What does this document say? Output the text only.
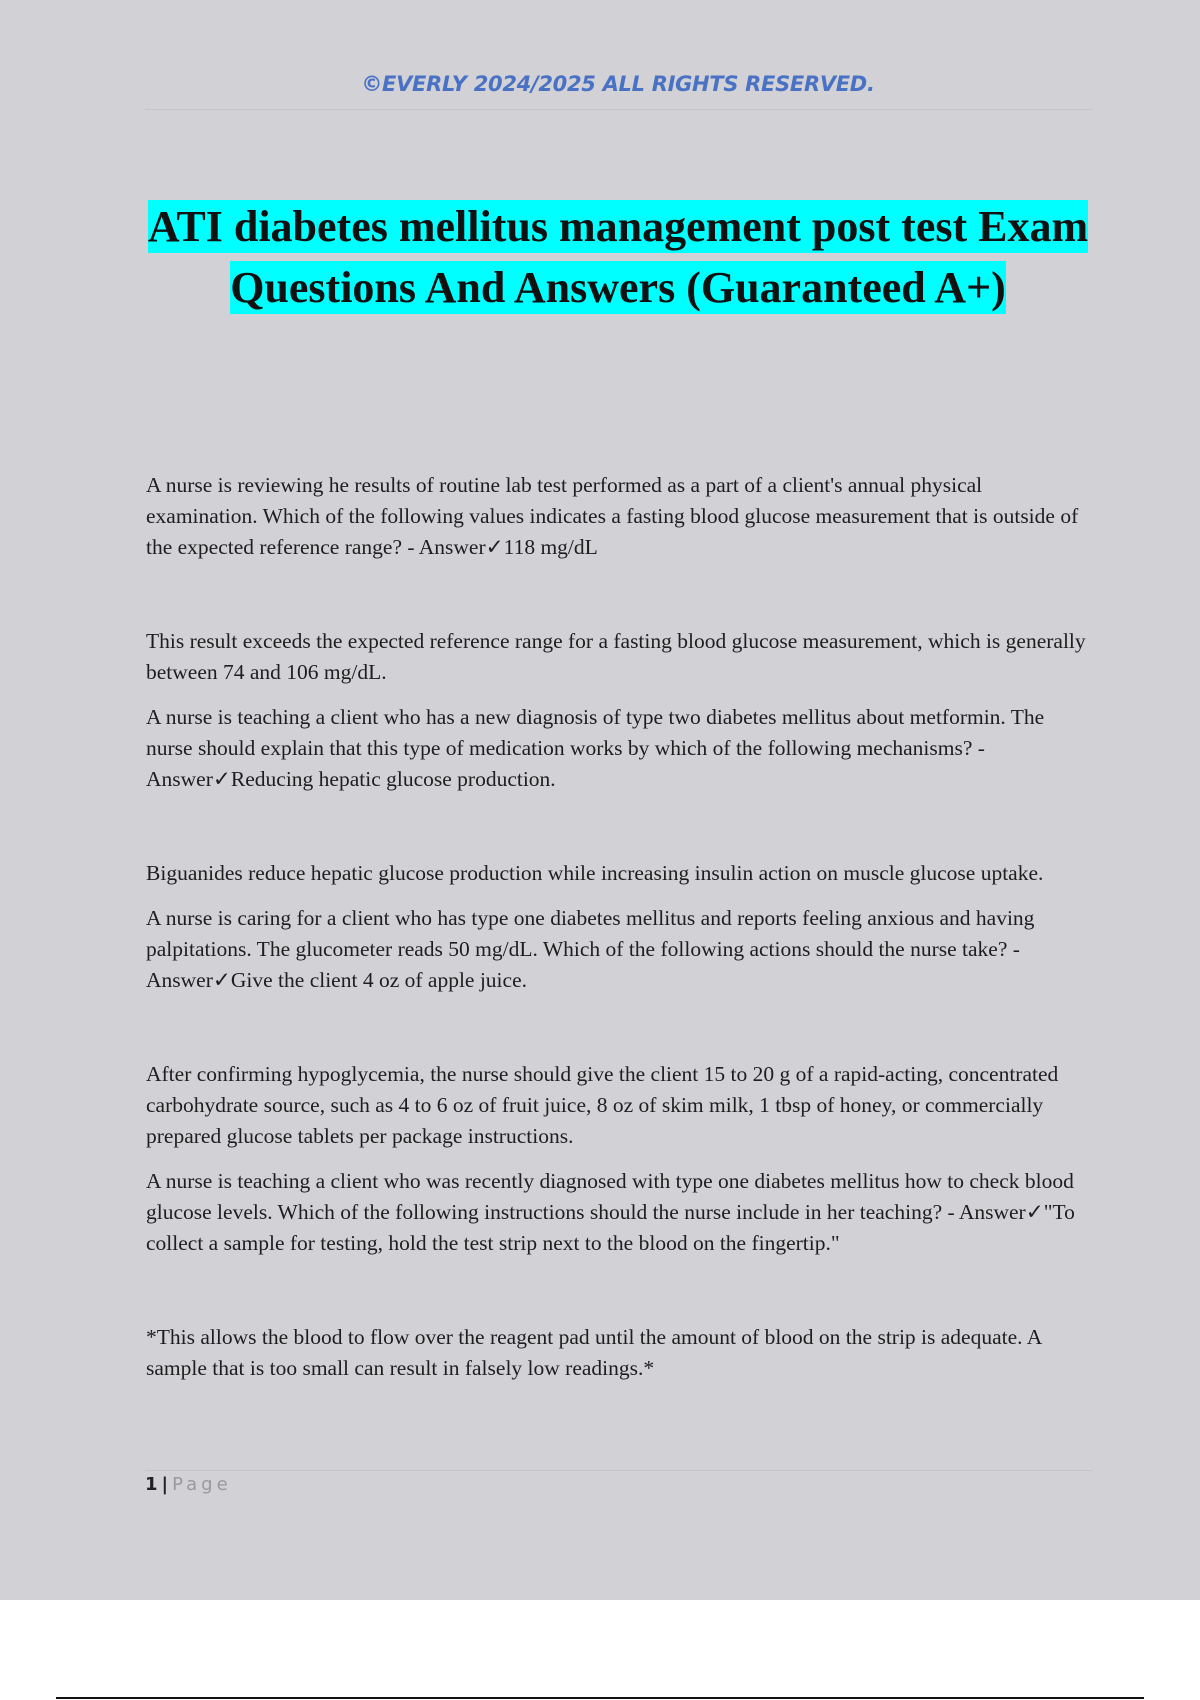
©EVERLY 2024/2025 ALL RIGHTS RESERVED.
ATI diabetes mellitus management post test Exam Questions And Answers (Guaranteed A+)

A nurse is reviewing he results of routine lab test performed as a part of a client's annual physical examination. Which of the following values indicates a fasting blood glucose measurement that is outside of the expected reference range? - Answer✓118 mg/dL

This result exceeds the expected reference range for a fasting blood glucose measurement, which is generally between 74 and 106 mg/dL.

A nurse is teaching a client who has a new diagnosis of type two diabetes mellitus about metformin. The nurse should explain that this type of medication works by which of the following mechanisms? - Answer✓Reducing hepatic glucose production.

Biguanides reduce hepatic glucose production while increasing insulin action on muscle glucose uptake.

A nurse is caring for a client who has type one diabetes mellitus and reports feeling anxious and having palpitations. The glucometer reads 50 mg/dL. Which of the following actions should the nurse take? - Answer✓Give the client 4 oz of apple juice.

After confirming hypoglycemia, the nurse should give the client 15 to 20 g of a rapid-acting, concentrated carbohydrate source, such as 4 to 6 oz of fruit juice, 8 oz of skim milk, 1 tbsp of honey, or commercially prepared glucose tablets per package instructions.

A nurse is teaching a client who was recently diagnosed with type one diabetes mellitus how to check blood glucose levels. Which of the following instructions should the nurse include in her teaching? - Answer✓"To collect a sample for testing, hold the test strip next to the blood on the fingertip."

*This allows the blood to flow over the reagent pad until the amount of blood on the strip is adequate. A sample that is too small can result in falsely low readings.*

1 | Page
